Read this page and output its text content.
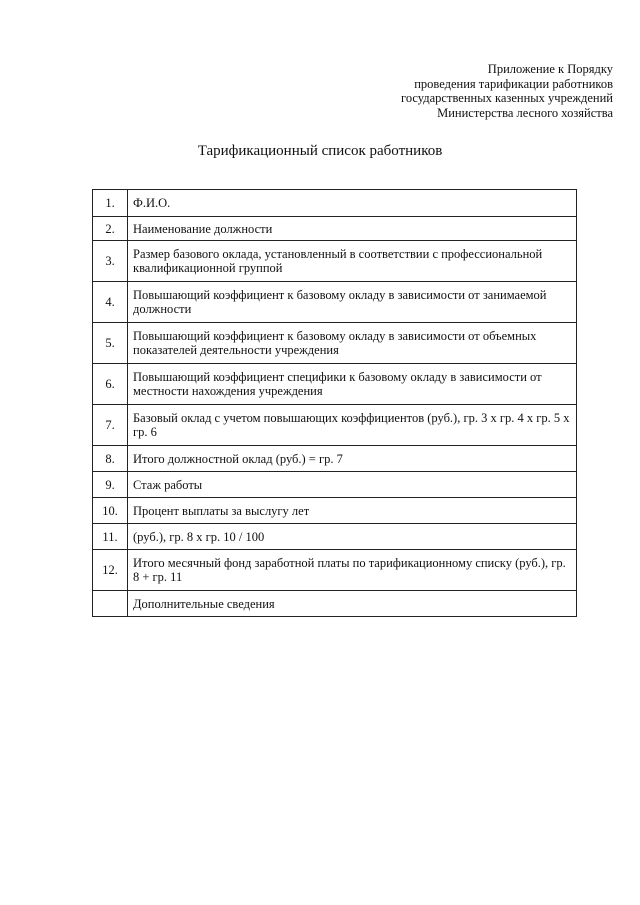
Приложение к Порядку
проведения тарификации работников
государственных казенных учреждений
Министерства лесного хозяйства
Тарификационный список работников
1.	Ф.И.О.
2.	Наименование должности
3.	Размер базового оклада, установленный в соответствии с профессиональной квалификационной группой
4.	Повышающий коэффициент к базовому окладу в зависимости от занимаемой должности
5.	Повышающий коэффициент к базовому окладу в зависимости от объемных показателей деятельности учреждения
6.	Повышающий коэффициент специфики к базовому окладу в зависимости от местности нахождения учреждения
7.	Базовый оклад с учетом повышающих коэффициентов (руб.), гр. 3 х гр. 4 х гр. 5 х гр. 6
8.	Итого должностной оклад (руб.) = гр. 7
9.	Стаж работы
10.	Процент выплаты за выслугу лет
11.	(руб.), гр. 8 х гр. 10 / 100
12.	Итого месячный фонд заработной платы по тарификационному списку (руб.), гр. 8 + гр. 11
	Дополнительные сведения
